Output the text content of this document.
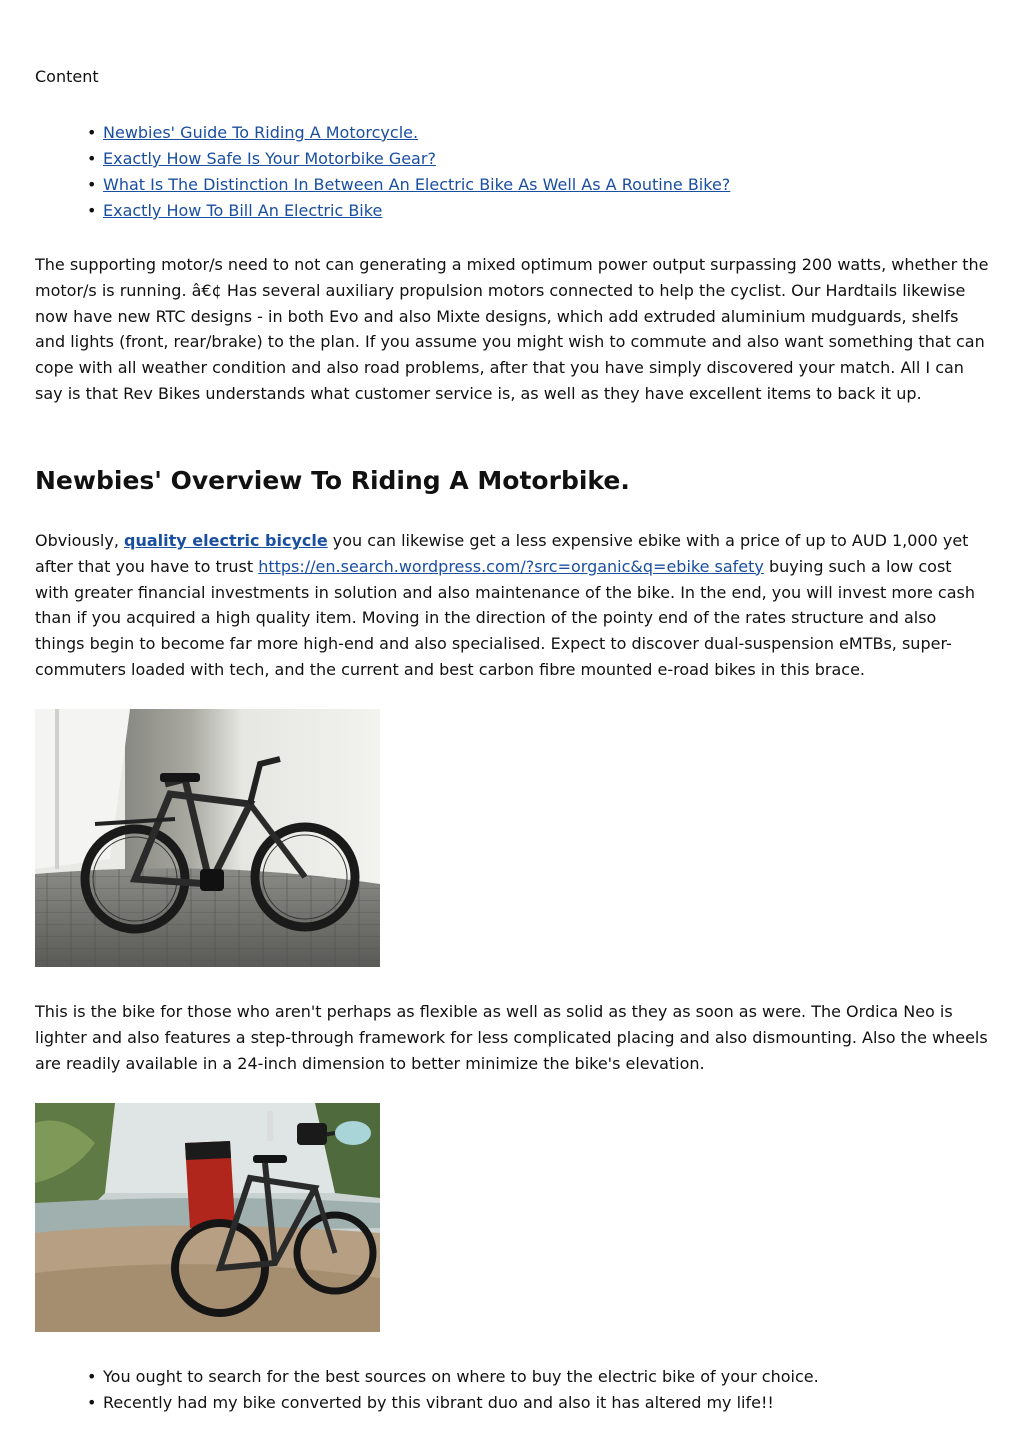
Content
• Newbies' Guide To Riding A Motorcycle.
• Exactly How Safe Is Your Motorbike Gear?
• What Is The Distinction In Between An Electric Bike As Well As A Routine Bike?
• Exactly How To Bill An Electric Bike

The supporting motor/s need to not can generating a mixed optimum power output surpassing 200 watts, whether the motor/s is running. â€¢ Has several auxiliary propulsion motors connected to help the cyclist. Our Hardtails likewise now have new RTC designs - in both Evo and also Mixte designs, which add extruded aluminium mudguards, shelfs and lights (front, rear/brake) to the plan. If you assume you might wish to commute and also want something that can cope with all weather condition and also road problems, after that you have simply discovered your match. All I can say is that Rev Bikes understands what customer service is, as well as they have excellent items to back it up.

Newbies' Overview To Riding A Motorbike.

Obviously, quality electric bicycle you can likewise get a less expensive ebike with a price of up to AUD 1,000 yet after that you have to trust https://en.search.wordpress.com/?src=organic&q=ebike safety buying such a low cost with greater financial investments in solution and also maintenance of the bike. In the end, you will invest more cash than if you acquired a high quality item. Moving in the direction of the pointy end of the rates structure and also things begin to become far more high-end and also specialised. Expect to discover dual-suspension eMTBs, super-commuters loaded with tech, and the current and best carbon fibre mounted e-road bikes in this brace.

This is the bike for those who aren't perhaps as flexible as well as solid as they as soon as were. The Ordica Neo is lighter and also features a step-through framework for less complicated placing and also dismounting. Also the wheels are readily available in a 24-inch dimension to better minimize the bike's elevation.

• You ought to search for the best sources on where to buy the electric bike of your choice.
• Recently had my bike converted by this vibrant duo and also it has altered my life!!
